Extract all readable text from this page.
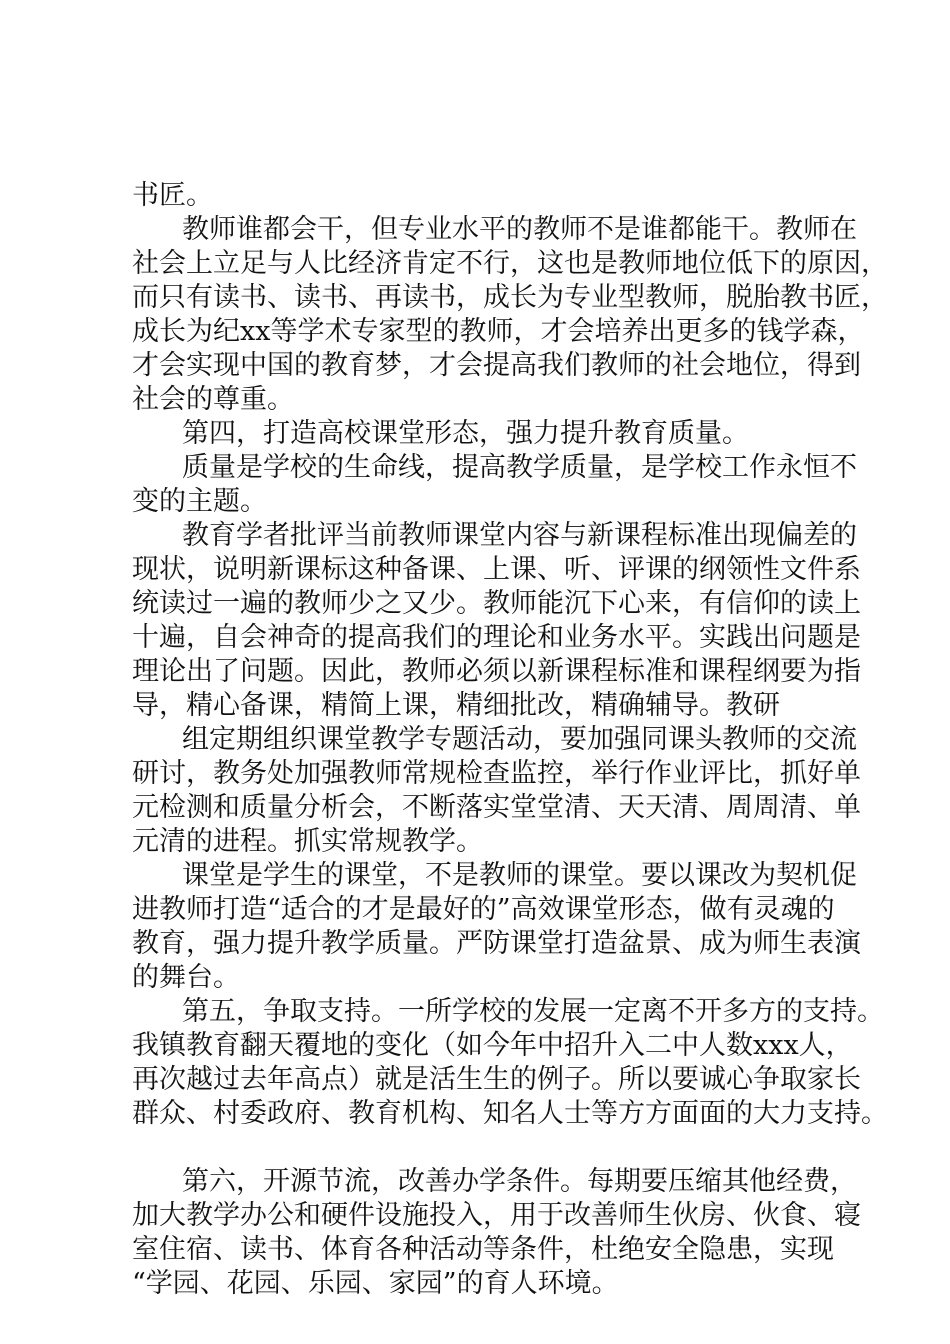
书匠。
教师谁都会干，但专业水平的教师不是谁都能干。教师在
社会上立足与人比经济肯定不行，这也是教师地位低下的原因，
而只有读书、读书、再读书，成长为专业型教师，脱胎教书匠，
成长为纪xx等学术专家型的教师，才会培养出更多的钱学森，
才会实现中国的教育梦，才会提高我们教师的社会地位，得到
社会的尊重。
第四，打造高校课堂形态，强力提升教育质量。
质量是学校的生命线，提高教学质量，是学校工作永恒不
变的主题。
教育学者批评当前教师课堂内容与新课程标准出现偏差的
现状，说明新课标这种备课、上课、听、评课的纲领性文件系
统读过一遍的教师少之又少。教师能沉下心来，有信仰的读上
十遍，自会神奇的提高我们的理论和业务水平。实践出问题是
理论出了问题。因此，教师必须以新课程标准和课程纲要为指
导，精心备课，精简上课，精细批改，精确辅导。教研
组定期组织课堂教学专题活动，要加强同课头教师的交流
研讨，教务处加强教师常规检查监控，举行作业评比，抓好单
元检测和质量分析会，不断落实堂堂清、天天清、周周清、单
元清的进程。抓实常规教学。
课堂是学生的课堂，不是教师的课堂。要以课改为契机促
进教师打造“适合的才是最好的”高效课堂形态，做有灵魂的
教育，强力提升教学质量。严防课堂打造盆景、成为师生表演
的舞台。
第五，争取支持。一所学校的发展一定离不开多方的支持。
我镇教育翻天覆地的变化（如今年中招升入二中人数xxx人，
再次越过去年高点）就是活生生的例子。所以要诚心争取家长
群众、村委政府、教育机构、知名人士等方方面面的大力支持。
第六，开源节流，改善办学条件。每期要压缩其他经费，
加大教学办公和硬件设施投入，用于改善师生伙房、伙食、寝
室住宿、读书、体育各种活动等条件，杜绝安全隐患，实现
“学园、花园、乐园、家园”的育人环境。
